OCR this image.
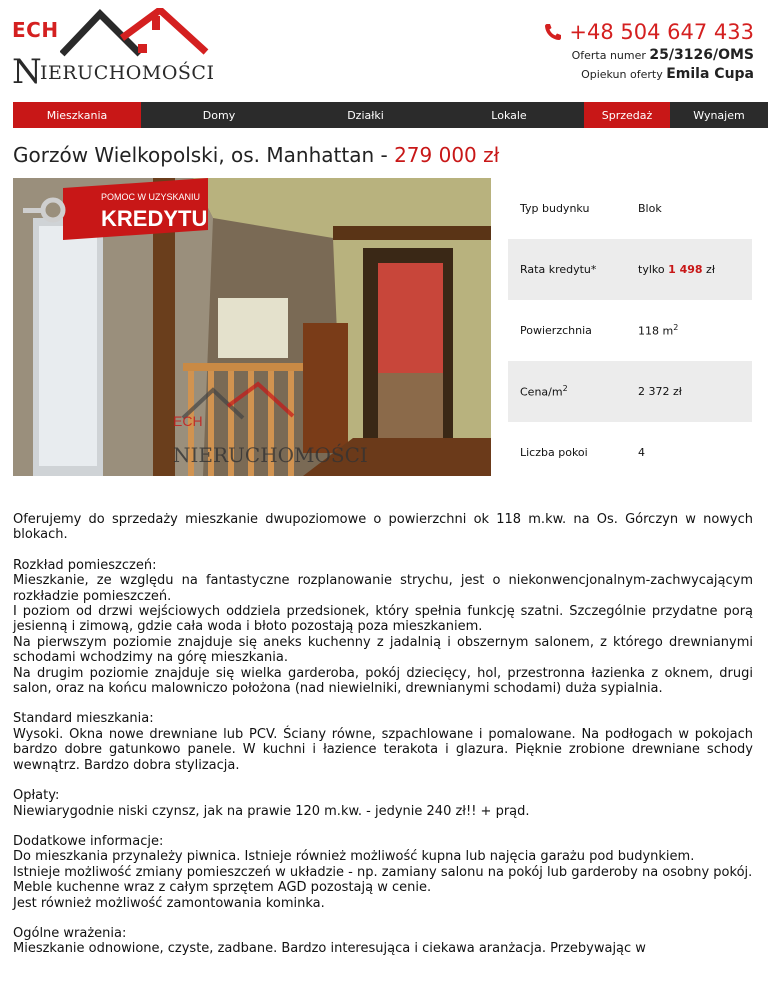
ECH
N
IERUCHOMOŚCI
+48 504 647 433
Oferta numer 25/3126/OMS
Opiekun oferty Emila Cupa
Mieszkania	Domy	Działki	Lokale	Sprzedaż	Wynajem
Gorzów Wielkopolski, os. Manhattan - 279 000 zł
POMOC W UZYSKANIU
KREDYTU
ECH
NIERUCHOMOŚCI
Typ budynku	Blok
Rata kredytu*	tylko 1 498 zł
Powierzchnia	118 $m^2$
Cena/$m^2$	2 372 zł
Liczba pokoi	4

Oferujemy do sprzedaży mieszkanie dwupoziomowe o powierzchni ok 118 m.kw. na Os. Górczyn w nowych blokach.

Rozkład pomieszczeń:
Mieszkanie, ze względu na fantastyczne rozplanowanie strychu, jest o niekonwencjonalnym-zachwycającym rozkładzie pomieszczeń.
I poziom od drzwi wejściowych oddziela przedsionek, który spełnia funkcję szatni. Szczególnie przydatne porą jesienną i zimową, gdzie cała woda i błoto pozostają poza mieszkaniem.
Na pierwszym poziomie znajduje się aneks kuchenny z jadalnią i obszernym salonem, z którego drewnianymi schodami wchodzimy na górę mieszkania.
Na drugim poziomie znajduje się wielka garderoba, pokój dziecięcy, hol, przestronna łazienka z oknem, drugi salon, oraz na końcu malowniczo położona (nad niewielniki, drewnianymi schodami) duża sypialnia.

Standard mieszkania:
Wysoki. Okna nowe drewniane lub PCV. Ściany równe, szpachlowane i pomalowane. Na podłogach w pokojach bardzo dobre gatunkowo panele. W kuchni i łazience terakota i glazura. Pięknie zrobione drewniane schody wewnątrz. Bardzo dobra stylizacja.

Opłaty:
Niewiarygodnie niski czynsz, jak na prawie 120 m.kw. - jedynie 240 zł!! + prąd.

Dodatkowe informacje:
Do mieszkania przynależy piwnica. Istnieje również możliwość kupna lub najęcia garażu pod budynkiem.
Istnieje możliwość zmiany pomieszczeń w układzie - np. zamiany salonu na pokój lub garderoby na osobny pokój.
Meble kuchenne wraz z całym sprzętem AGD pozostają w cenie.
Jest również możliwość zamontowania kominka.

Ogólne wrażenia:
Mieszkanie odnowione, czyste, zadbane. Bardzo interesująca i ciekawa aranżacja. Przebywając w
